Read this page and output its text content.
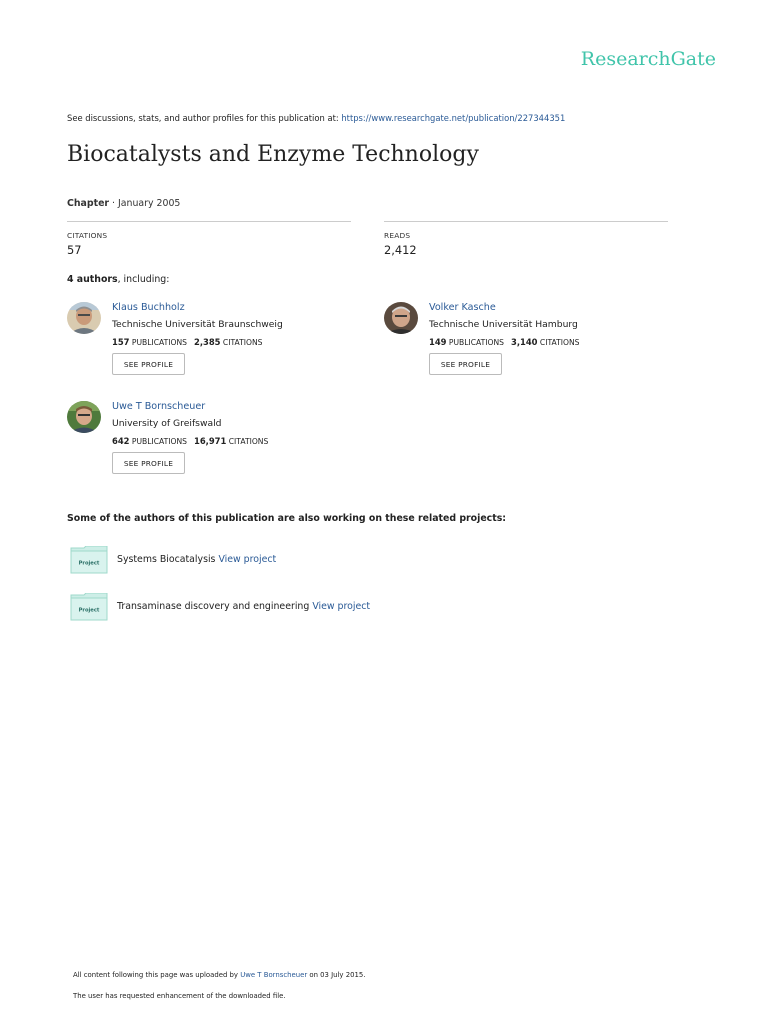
ResearchGate
See discussions, stats, and author profiles for this publication at: https://www.researchgate.net/publication/227344351
Biocatalysts and Enzyme Technology
Chapter · January 2005
CITATIONS
57
READS
2,412
4 authors, including:
Klaus Buchholz
Technische Universität Braunschweig
157 PUBLICATIONS 2,385 CITATIONS
SEE PROFILE
Volker Kasche
Technische Universität Hamburg
149 PUBLICATIONS 3,140 CITATIONS
SEE PROFILE
Uwe T Bornscheuer
University of Greifswald
642 PUBLICATIONS 16,971 CITATIONS
SEE PROFILE
Some of the authors of this publication are also working on these related projects:
Project Systems Biocatalysis View project
Project Transaminase discovery and engineering View project
All content following this page was uploaded by Uwe T Bornscheuer on 03 July 2015.
The user has requested enhancement of the downloaded file.
